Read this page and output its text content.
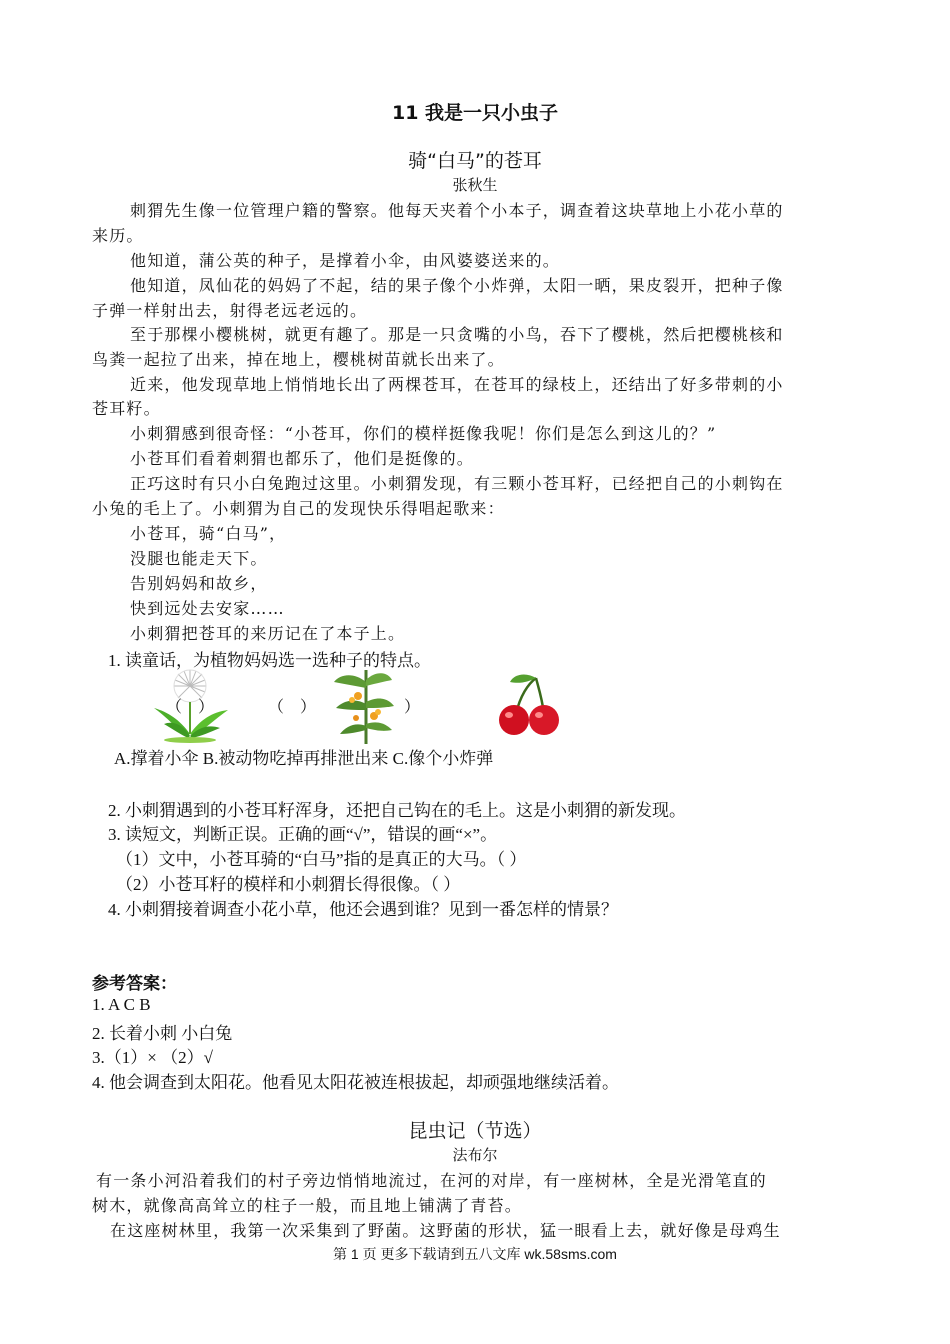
11 我是一只小虫子
骑“白马”的苍耳
张秋生
刺猬先生像一位管理户籍的警察。他每天夹着个小本子，调查着这块草地上小花小草的
来历。
他知道，蒲公英的种子，是撑着小伞，由风婆婆送来的。
他知道，凤仙花的妈妈了不起，结的果子像个小炸弹，太阳一晒，果皮裂开，把种子像
子弹一样射出去，射得老远老远的。
至于那棵小樱桃树，就更有趣了。那是一只贪嘴的小鸟，吞下了樱桃，然后把樱桃核和
鸟粪一起拉了出来，掉在地上，樱桃树苗就长出来了。
近来，他发现草地上悄悄地长出了两棵苍耳，在苍耳的绿枝上，还结出了好多带刺的小
苍耳籽。
小刺猬感到很奇怪：“小苍耳，你们的模样挺像我呢！你们是怎么到这儿的？”
小苍耳们看着刺猬也都乐了，他们是挺像的。
正巧这时有只小白兔跑过这里。小刺猬发现，有三颗小苍耳籽，已经把自己的小刺钩在
小兔的毛上了。小刺猬为自己的发现快乐得唱起歌来：
小苍耳，骑“白马”，
没腿也能走天下。
告别妈妈和故乡，
快到远处去安家……
小刺猬把苍耳的来历记在了本子上。
1. 读童话，为植物妈妈选一选种子的特点。
（　）	（　）	）
A.撑着小伞 B.被动物吃掉再排泄出来 C.像个小炸弹
2. 小刺猬遇到的小苍耳籽浑身，还把自己钩在的毛上。这是小刺猬的新发现。
3. 读短文，判断正误。正确的画“√”，错误的画“×”。
（1）文中，小苍耳骑的“白马”指的是真正的大马。（ ）
（2）小苍耳籽的模样和小刺猬长得很像。（ ）
4. 小刺猬接着调查小花小草，他还会遇到谁？见到一番怎样的情景？
参考答案：
1. A C B
2. 长着小刺 小白兔
3.（1）× （2）√
4. 他会调查到太阳花。他看见太阳花被连根拔起，却顽强地继续活着。
昆虫记（节选）
法布尔
有一条小河沿着我们的村子旁边悄悄地流过，在河的对岸，有一座树林，全是光滑笔直的
树木，就像高高耸立的柱子一般，而且地上铺满了青苔。
在这座树林里，我第一次采集到了野菌。这野菌的形状，猛一眼看上去，就好像是母鸡生
第 1 页 更多下载请到五八文库 wk.58sms.com
